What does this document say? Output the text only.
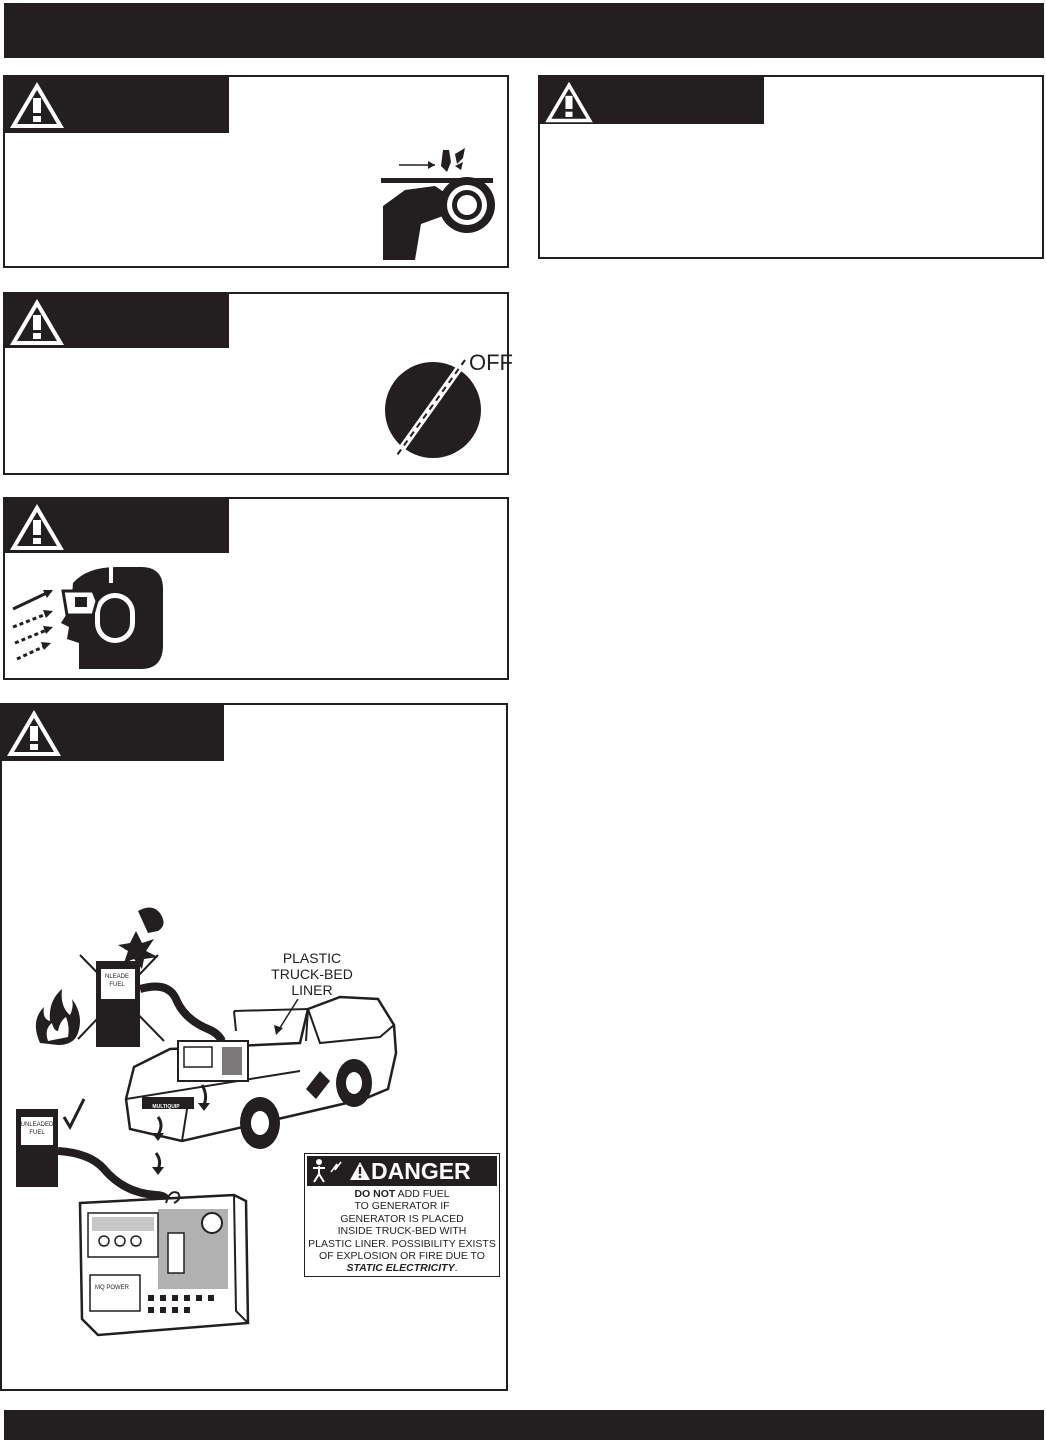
OFF
PLASTIC
TRUCK-BED
LINER
NLEADE
FUEL
UNLEADED
FUEL
MULTIQUIP
MQ POWER
DANGER
DO NOT ADD FUEL
TO GENERATOR IF
GENERATOR IS PLACED
INSIDE TRUCK-BED WITH
PLASTIC LINER. POSSIBILITY EXISTS
OF EXPLOSION OR FIRE DUE TO
STATIC ELECTRICITY.
